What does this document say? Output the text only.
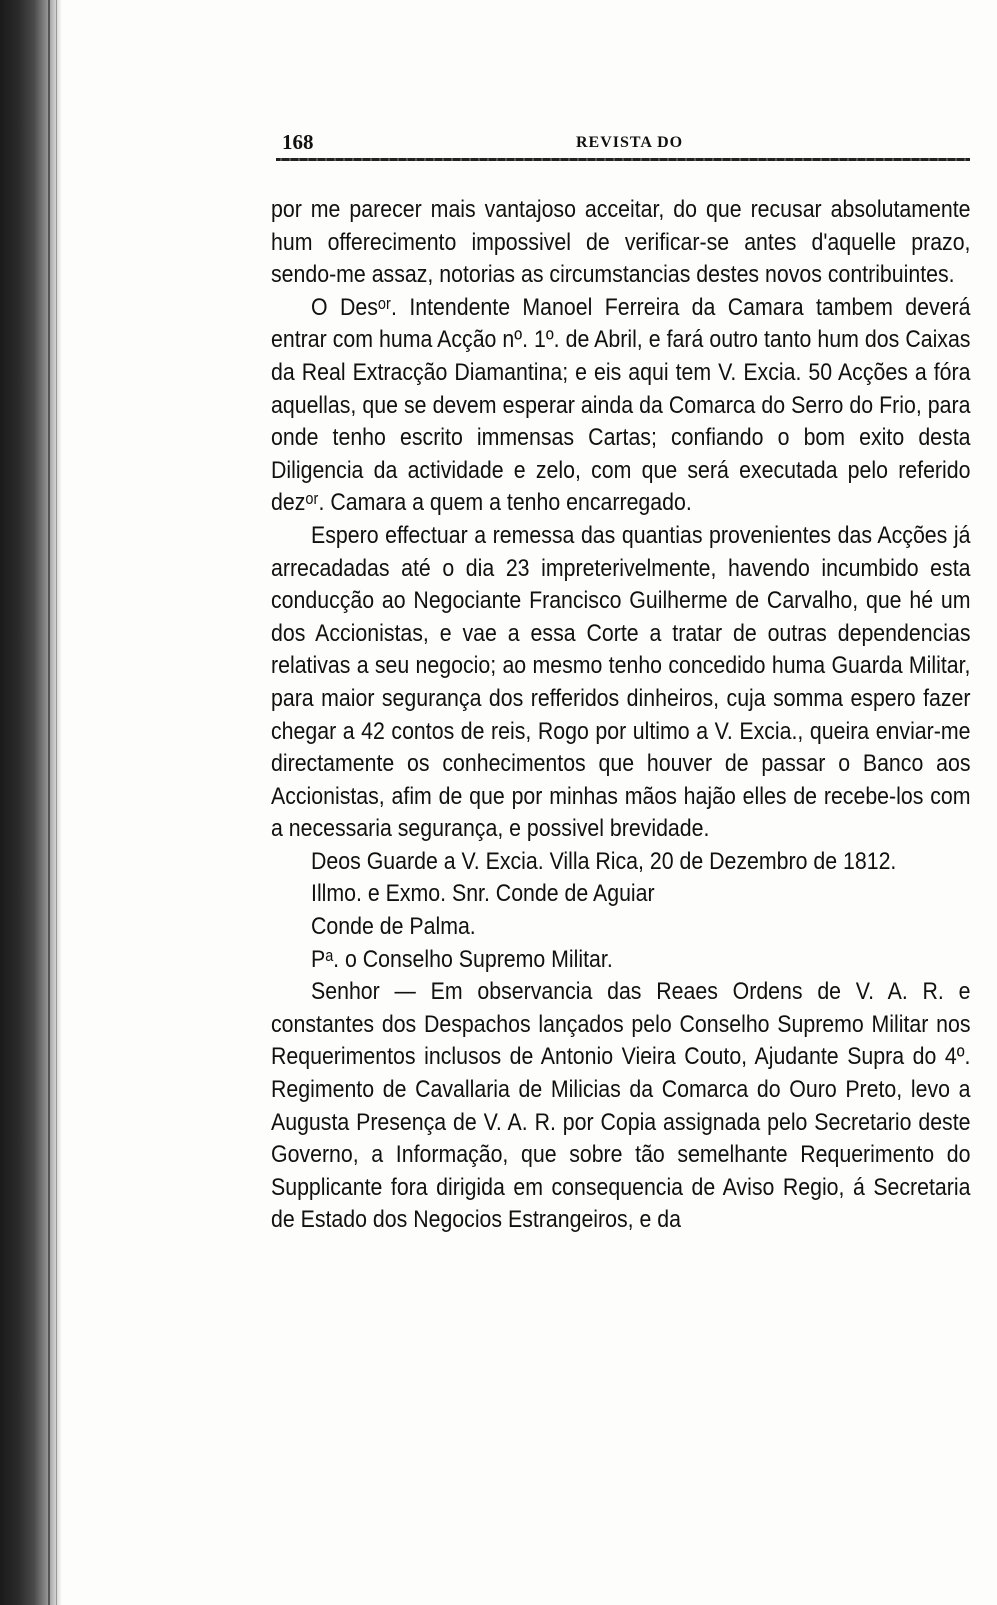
168	REVISTA DO

por me parecer mais vantajoso acceitar, do que recusar absolutamente hum offerecimento impossivel de verificar-se antes d'aquelle prazo, sendo-me assaz, notorias as circumstancias destes novos contribuintes.

O Desᵒʳ. Intendente Manoel Ferreira da Camara tambem deverá entrar com huma Acção nº. 1º. de Abril, e fará outro tanto hum dos Caixas da Real Extracção Diamantina; e eis aqui tem V. Excia. 50 Acções a fóra aquellas, que se devem esperar ainda da Comarca do Serro do Frio, para onde tenho escrito immensas Cartas; confiando o bom exito desta Diligencia da actividade e zelo, com que será executada pelo referido dezᵒʳ. Camara a quem a tenho encarregado.

Espero effectuar a remessa das quantias provenientes das Acções já arrecadadas até o dia 23 impreterivelmente, havendo incumbido esta conducção ao Negociante Francisco Guilherme de Carvalho, que hé um dos Accionistas, e vae a essa Corte a tratar de outras dependencias relativas a seu negocio; ao mesmo tenho concedido huma Guarda Militar, para maior segurança dos refferidos dinheiros, cuja somma espero fazer chegar a 42 contos de reis, Rogo por ultimo a V. Excia., queira enviar-me directamente os conhecimentos que houver de passar o Banco aos Accionistas, afim de que por minhas mãos hajão elles de recebe-los com a necessaria segurança, e possivel brevidade.

Deos Guarde a V. Excia. Villa Rica, 20 de Dezembro de 1812.

Illmo. e Exmo. Snr. Conde de Aguiar

Conde de Palma.

Pᵃ. o Conselho Supremo Militar.

Senhor — Em observancia das Reaes Ordens de V. A. R. e constantes dos Despachos lançados pelo Conselho Supremo Militar nos Requerimentos inclusos de Antonio Vieira Couto, Ajudante Supra do 4º. Regimento de Cavallaria de Milicias da Comarca do Ouro Preto, levo a Augusta Presença de V. A. R. por Copia assignada pelo Secretario deste Governo, a Informação, que sobre tão semelhante Requerimento do Supplicante fora dirigida em consequencia de Aviso Regio, á Secretaria de Estado dos Negocios Estrangeiros, e da
